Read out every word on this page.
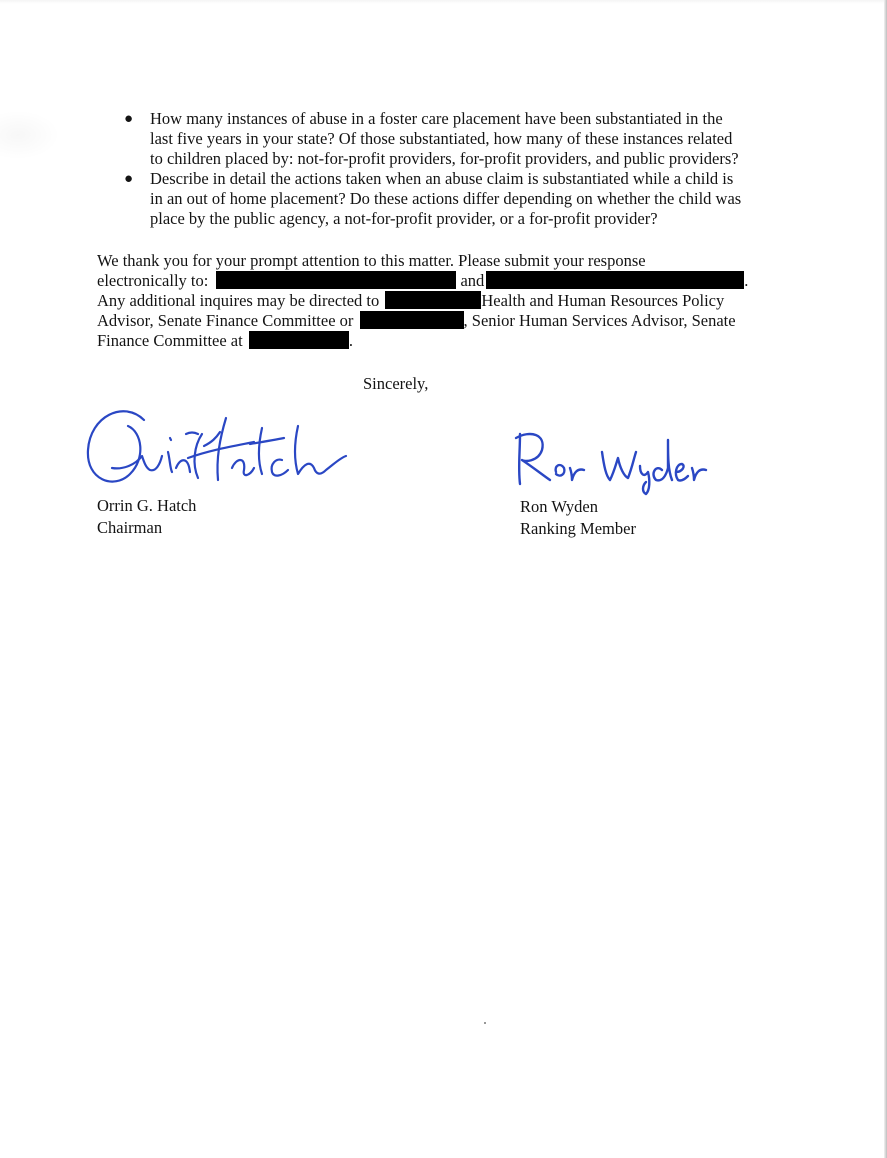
● How many instances of abuse in a foster care placement have been substantiated in the
last five years in your state? Of those substantiated, how many of these instances related
to children placed by: not-for-profit providers, for-profit providers, and public providers?
● Describe in detail the actions taken when an abuse claim is substantiated while a child is
in an out of home placement? Do these actions differ depending on whether the child was
place by the public agency, a not-for-profit provider, or a for-profit provider?
We thank you for your prompt attention to this matter. Please submit your response
electronically to:	and	.
Any additional inquires may be directed to	Health and Human Resources Policy
Advisor, Senate Finance Committee or	, Senior Human Services Advisor, Senate
Finance Committee at	.
Sincerely,
Orrin G. Hatch
Chairman
Ron Wyden
Ranking Member
